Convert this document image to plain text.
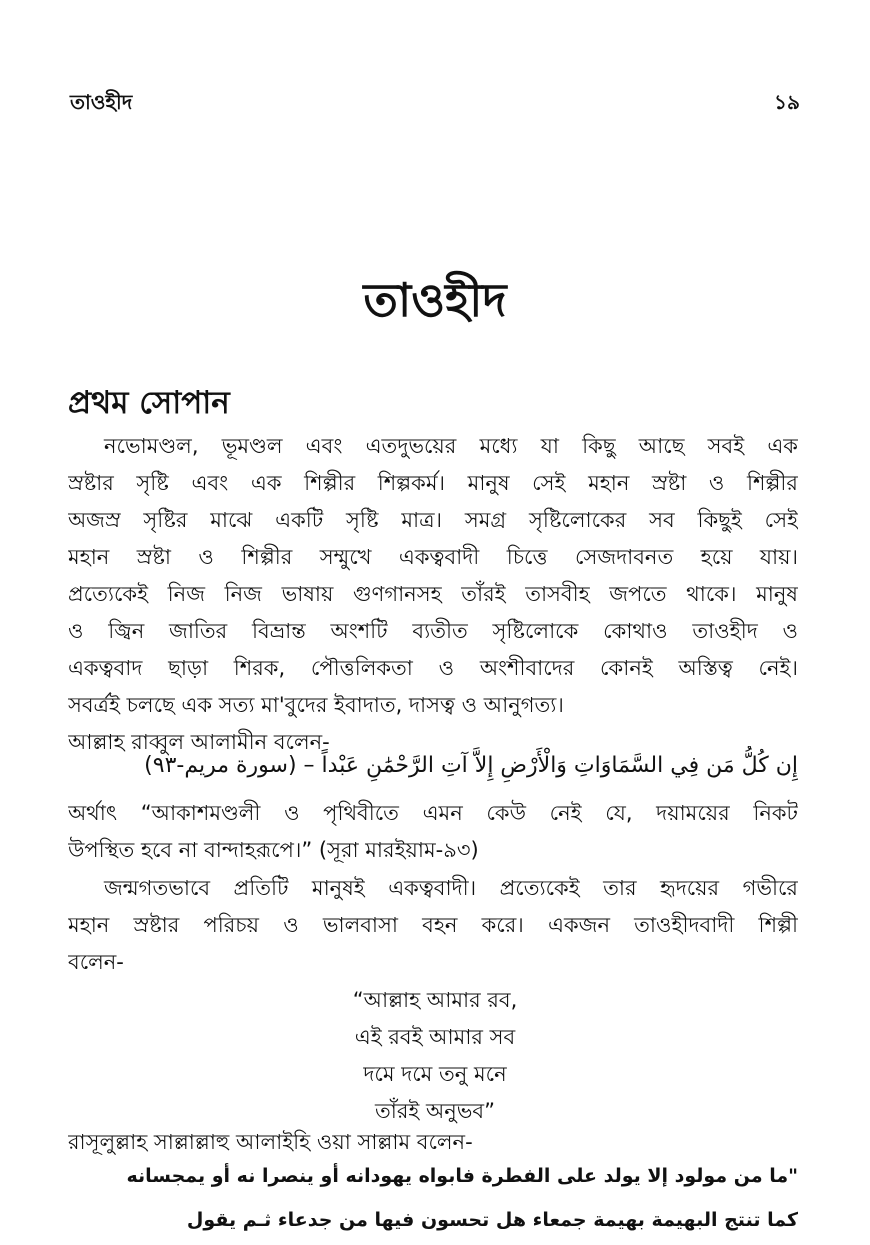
তাওহীদ	১৯
তাওহীদ
প্রথম সোপান
নভোমণ্ডল, ভূমণ্ডল এবং এতদুভয়ের মধ্যে যা কিছু আছে সবই এক
স্রষ্টার সৃষ্টি এবং এক শিল্পীর শিল্পকর্ম। মানুষ সেই মহান স্রষ্টা ও শিল্পীর
অজস্র সৃষ্টির মাঝে একটি সৃষ্টি মাত্র। সমগ্র সৃষ্টিলোকের সব কিছুই সেই
মহান স্রষ্টা ও শিল্পীর সম্মুখে একত্ববাদী চিত্তে সেজদাবনত হয়ে যায়।
প্রত্যেকেই নিজ নিজ ভাষায় গুণগানসহ তাঁরই তাসবীহ জপতে থাকে। মানুষ
ও জ্বিন জাতির বিভ্রান্ত অংশটি ব্যতীত সৃষ্টিলোকে কোথাও তাওহীদ ও
একত্ববাদ ছাড়া শিরক, পৌত্তলিকতা ও অংশীবাদের কোনই অস্তিত্ব নেই।
সবর্ত্রই চলছে এক সত্য মা'বুদের ইবাদাত, দাসত্ব ও আনুগত্য।
আল্লাহ রাব্বুল আলামীন বলেন-
إِن كُلُّ مَن فِي السَّمَاوَاتِ وَالْأَرْضِ إِلاَّ آتِ الرَّحْمَٰنِ عَبْداً – (سورة مريم-٩٣)
অর্থাৎ “আকাশমণ্ডলী ও পৃথিবীতে এমন কেউ নেই যে, দয়াময়ের নিকট
উপস্থিত হবে না বান্দাহরূপে।” (সূরা মারইয়াম-৯৩)
জন্মগতভাবে প্রতিটি মানুষই একত্ববাদী। প্রত্যেকেই তার হৃদয়ের গভীরে
মহান স্রষ্টার পরিচয় ও ভালবাসা বহন করে। একজন তাওহীদবাদী শিল্পী
বলেন-
“আল্লাহ আমার রব,
এই রবই আমার সব
দমে দমে তনু মনে
তাঁরই অনুভব”
রাসূলুল্লাহ সাল্লাল্লাহু আলাইহি ওয়া সাল্লাম বলেন-
"ما من مولود إلا يولد على الفطرة فابواه يهودانه أو ينصرا نه أو يمجسانه
كما تنتج البهيمة بهيمة جمعاء هل تحسون فيها من جدعاء ثـم يقول
